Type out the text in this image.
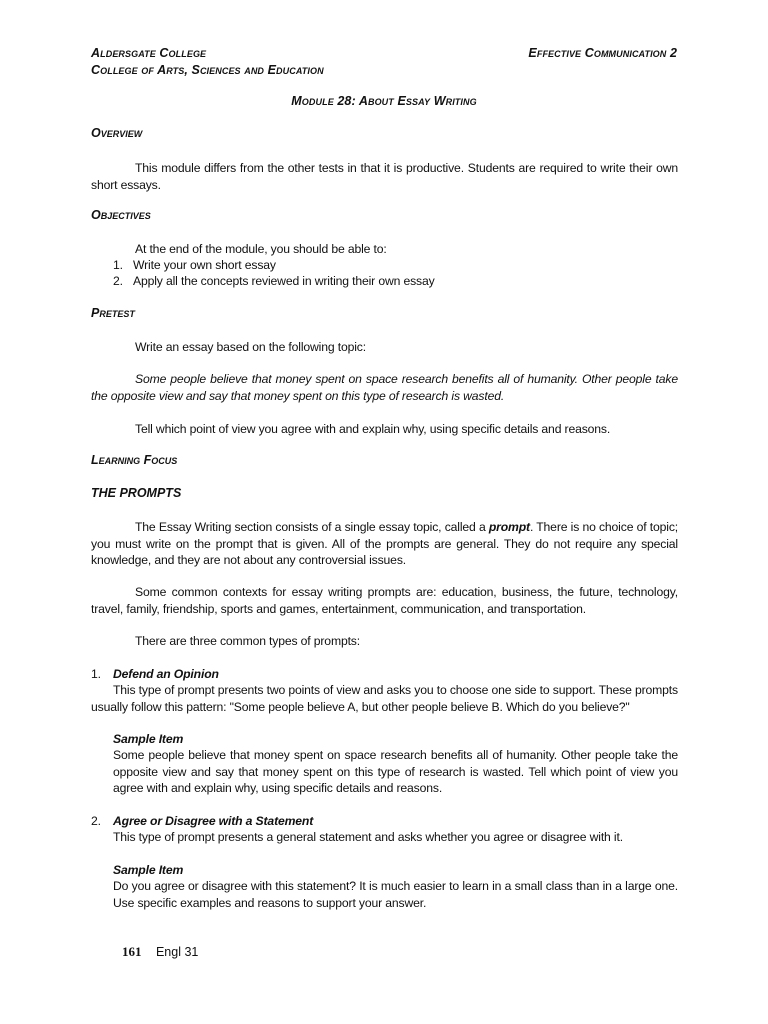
Aldersgate College
College of Arts, Sciences and Education
Effective Communication 2
Module 28: About Essay Writing
Overview
This module differs from the other tests in that it is productive. Students are required to write their own short essays.
Objectives
At the end of the module, you should be able to:
1. Write your own short essay
2. Apply all the concepts reviewed in writing their own essay
Pretest
Write an essay based on the following topic:
Some people believe that money spent on space research benefits all of humanity. Other people take the opposite view and say that money spent on this type of research is wasted.
Tell which point of view you agree with and explain why, using specific details and reasons.
Learning Focus
THE PROMPTS
The Essay Writing section consists of a single essay topic, called a prompt. There is no choice of topic; you must write on the prompt that is given. All of the prompts are general. They do not require any special knowledge, and they are not about any controversial issues.
Some common contexts for essay writing prompts are: education, business, the future, technology, travel, family, friendship, sports and games, entertainment, communication, and transportation.
There are three common types of prompts:
1. Defend an Opinion
This type of prompt presents two points of view and asks you to choose one side to support. These prompts usually follow this pattern: "Some people believe A, but other people believe B. Which do you believe?"
Sample Item
Some people believe that money spent on space research benefits all of humanity. Other people take the opposite view and say that money spent on this type of research is wasted. Tell which point of view you agree with and explain why, using specific details and reasons.
2. Agree or Disagree with a Statement
This type of prompt presents a general statement and asks whether you agree or disagree with it.
Sample Item
Do you agree or disagree with this statement? It is much easier to learn in a small class than in a large one. Use specific examples and reasons to support your answer.
161 Engl 31
